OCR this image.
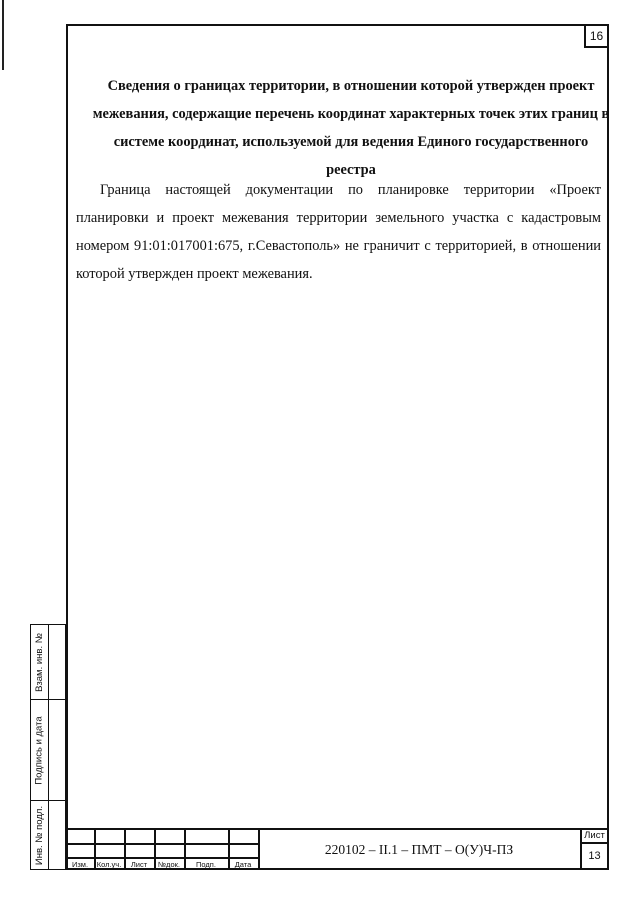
16
Сведения о границах территории, в отношении которой утвержден проект межевания, содержащие перечень координат характерных точек этих границ в системе координат, используемой для ведения Единого государственного реестра
Граница настоящей документации по планировке территории «Проект планировки и проект межевания территории земельного участка с кадастровым номером 91:01:017001:675, г.Севастополь» не граничит с территорией, в отношении которой утвержден проект межевания.
Взам. инв. №
Подпись и дата
Инв. № подл.	Изм.	Кол.уч.	Лист	№док.	Подп.	Дата
220102 – II.1 – ПМТ – О(У)Ч-ПЗ
Лист
13
